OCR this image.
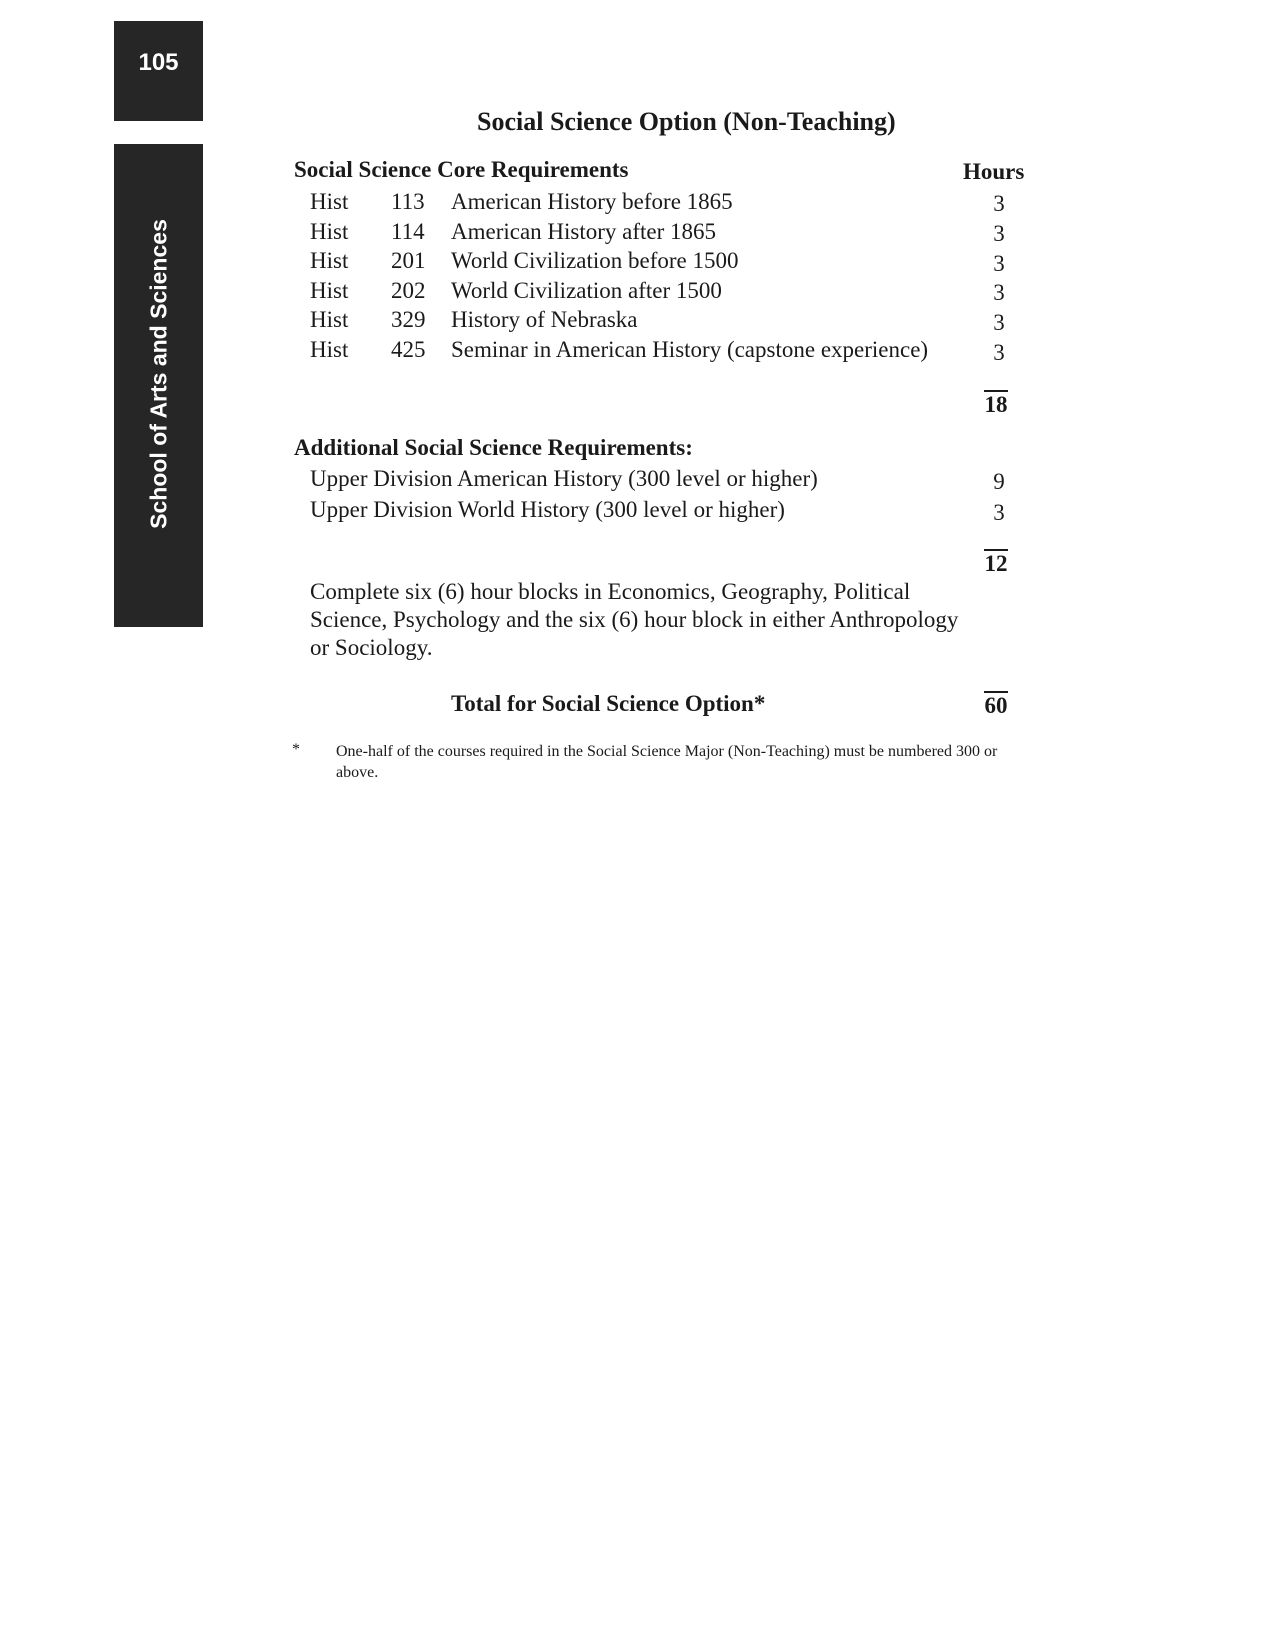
105
School of Arts and Sciences
Social Science Option (Non-Teaching)
Social Science Core Requirements	Hours
Hist 113 American History before 1865	3
Hist 114 American History after 1865	3
Hist 201 World Civilization before 1500	3
Hist 202 World Civilization after 1500	3
Hist 329 History of Nebraska	3
Hist 425 Seminar in American History (capstone experience)	3
18
Additional Social Science Requirements:
Upper Division American History (300 level or higher)	9
Upper Division World History (300 level or higher)	3
12
Complete six (6) hour blocks in Economics, Geography, Political Science, Psychology and the six (6) hour block in either Anthropology or Sociology.
Total for Social Science Option*	60
* One-half of the courses required in the Social Science Major (Non-Teaching) must be numbered 300 or above.
